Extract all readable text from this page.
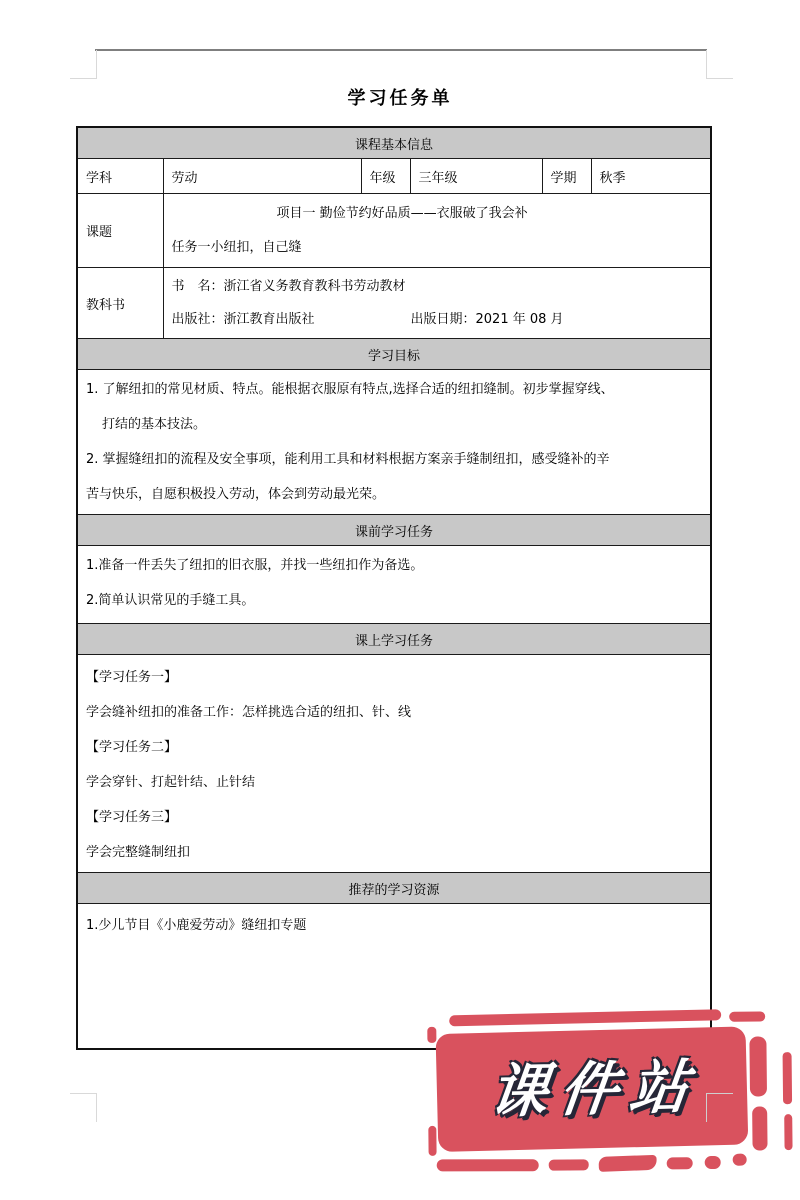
学习任务单
课程基本信息					
学科	劳动	年级	三年级	学期	秋季
课题	项目一 勤俭节约好品质——衣服破了我会补
任务一小纽扣，自己缝				

教科书	书　名：浙江省义务教育教科书劳动教材
出版社：浙江教育出版社 出版日期：2021 年 08 月				

学习目标					

1. 了解纽扣的常见材质、特点。能根据衣服原有特点,选择合适的纽扣缝制。初步掌握穿线、
打结的基本技法。
2. 掌握缝纽扣的流程及安全事项，能利用工具和材料根据方案亲手缝制纽扣，感受缝补的辛
苦与快乐，自愿积极投入劳动，体会到劳动最光荣。					

课前学习任务					

1.准备一件丢失了纽扣的旧衣服，并找一些纽扣作为备选。
2.简单认识常见的手缝工具。					

课上学习任务					

【学习任务一】
学会缝补纽扣的准备工作：怎样挑选合适的纽扣、针、线
【学习任务二】
学会穿针、打起针结、止针结
【学习任务三】
学会完整缝制纽扣

推荐的学习资源					

1.少儿节目《小鹿爱劳动》缝纽扣专题					
课件站
